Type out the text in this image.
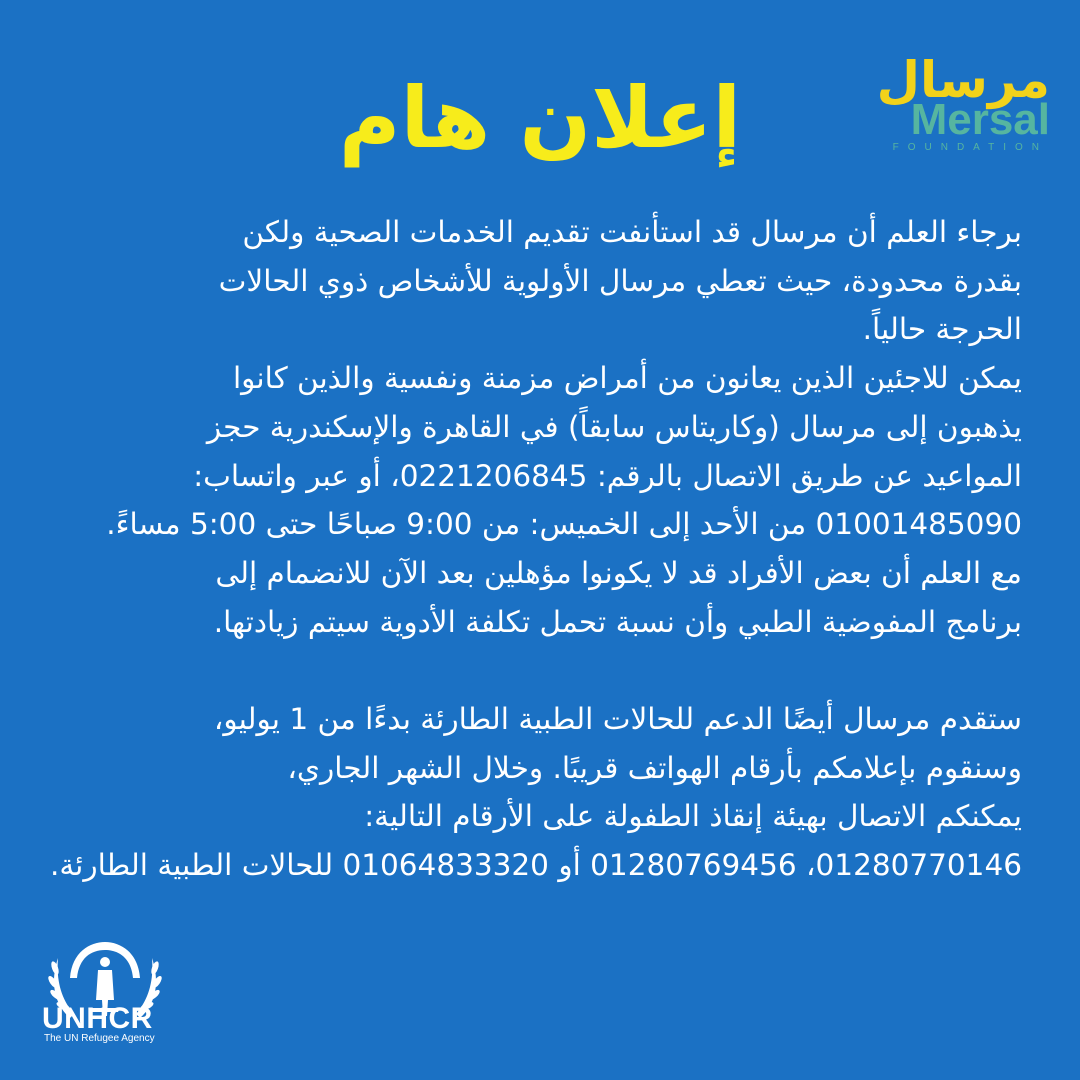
إعلان هام	مرسال
Mersal
FOUNDATION
برجاء العلم أن مرسال قد استأنفت تقديم الخدمات الصحية ولكن
بقدرة محدودة، حيث تعطي مرسال الأولوية للأشخاص ذوي الحالات
الحرجة حالياً.
يمكن للاجئين الذين يعانون من أمراض مزمنة ونفسية والذين كانوا
يذهبون إلى مرسال (وكاريتاس سابقاً) في القاهرة والإسكندرية حجز
المواعيد عن طريق الاتصال بالرقم: 0221206845، أو عبر واتساب:
01001485090 من الأحد إلى الخميس: من 9:00 صباحًا حتى 5:00 مساءً.
مع العلم أن بعض الأفراد قد لا يكونوا مؤهلين بعد الآن للانضمام إلى
برنامج المفوضية الطبي وأن نسبة تحمل تكلفة الأدوية سيتم زيادتها.
ستقدم مرسال أيضًا الدعم للحالات الطبية الطارئة بدءًا من 1 يوليو،
وسنقوم بإعلامكم بأرقام الهواتف قريبًا. وخلال الشهر الجاري،
يمكنكم الاتصال بهيئة إنقاذ الطفولة على الأرقام التالية:
01280770146، 01280769456 أو 01064833320 للحالات الطبية الطارئة.
UNHCR
The UN Refugee Agency
